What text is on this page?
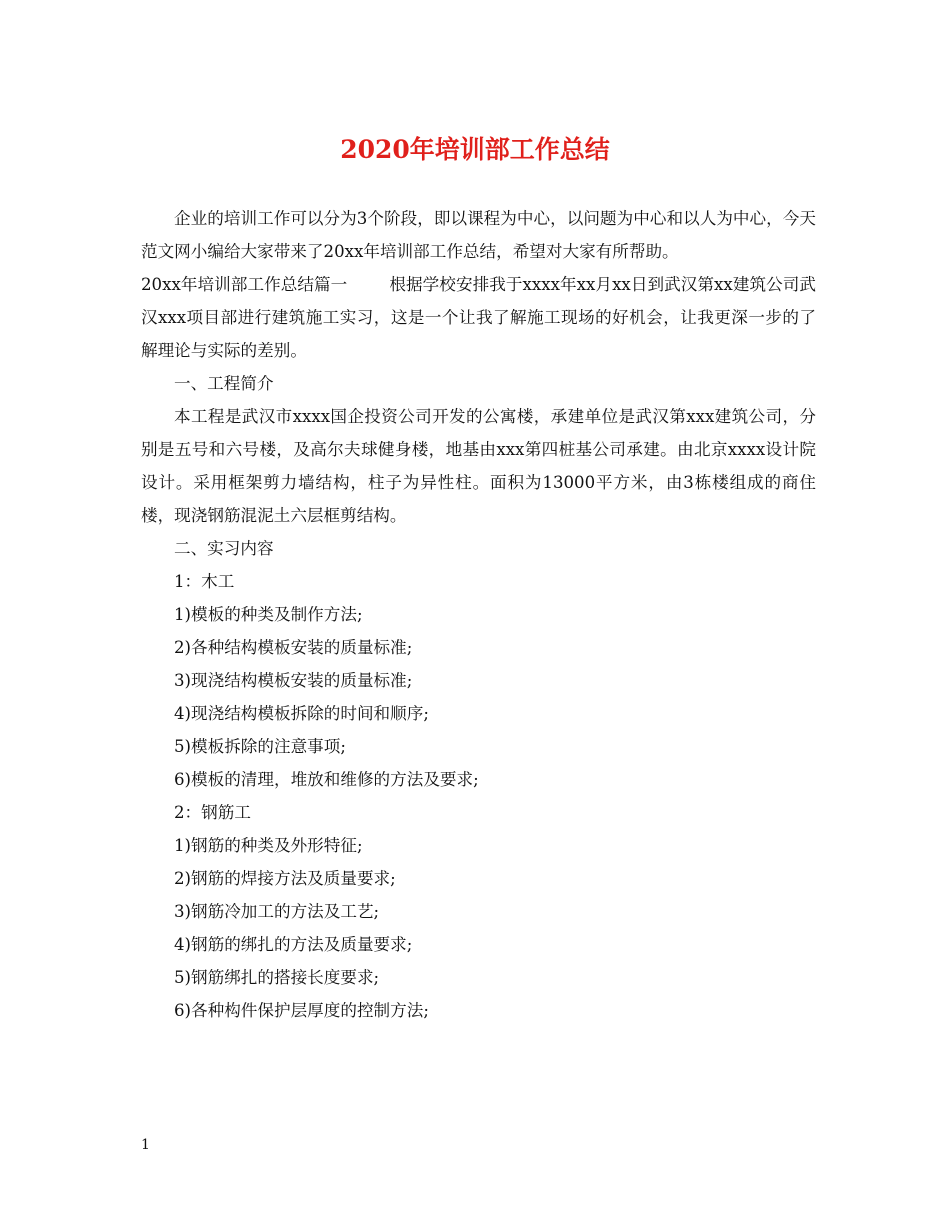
2020年培训部工作总结

企业的培训工作可以分为3个阶段，即以课程为中心，以问题为中心和以人为中心，今天范文网小编给大家带来了20xx年培训部工作总结，希望对大家有所帮助。

20xx年培训部工作总结篇一	根据学校安排我于xxxx年xx月xx日到武汉第xx建筑公司武汉xxx项目部进行建筑施工实习，这是一个让我了解施工现场的好机会，让我更深一步的了解理论与实际的差别。

一、工程简介

本工程是武汉市xxxx国企投资公司开发的公寓楼，承建单位是武汉第xxx建筑公司，分别是五号和六号楼，及高尔夫球健身楼，地基由xxx第四桩基公司承建。由北京xxxx设计院设计。采用框架剪力墙结构，柱子为异性柱。面积为13000平方米，由3栋楼组成的商住楼，现浇钢筋混泥土六层框剪结构。

二、实习内容

1：木工

1)模板的种类及制作方法;

2)各种结构模板安装的质量标准;

3)现浇结构模板安装的质量标准;

4)现浇结构模板拆除的时间和顺序;

5)模板拆除的注意事项;

6)模板的清理，堆放和维修的方法及要求;

2：钢筋工

1)钢筋的种类及外形特征;

2)钢筋的焊接方法及质量要求;

3)钢筋冷加工的方法及工艺;

4)钢筋的绑扎的方法及质量要求;

5)钢筋绑扎的搭接长度要求;

6)各种构件保护层厚度的控制方法;

1
